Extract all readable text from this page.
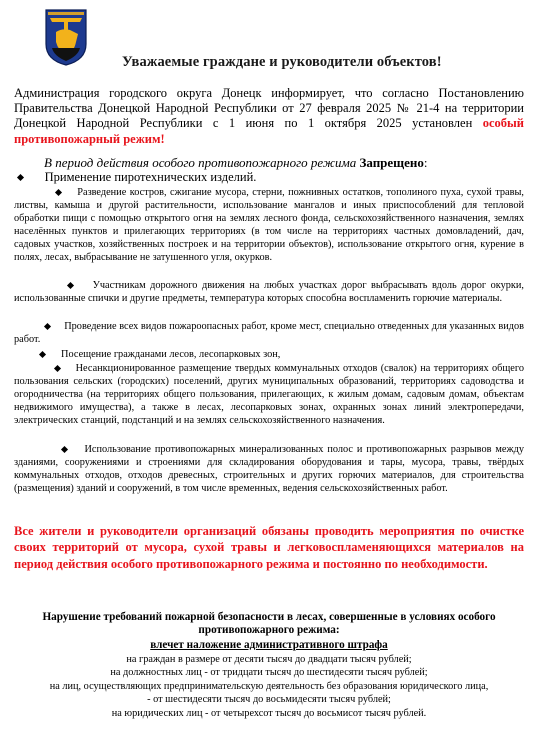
Уважаемые граждане и руководители объектов!
Администрация городского округа Донецк информирует, что согласно Постановлению Правительства Донецкой Народной Республики от 27 февраля 2025 № 21-4 на территории Донецкой Народной Республики с 1 июня по 1 октября 2025 установлен особый противопожарный режим!
В период действия особого противопожарного режима Запрещено:
Применение пиротехнических изделий.
Разведение костров, сжигание мусора, стерни, пожнивных остатков, тополиного пуха, сухой травы, листвы, камыша и другой растительности, использование мангалов и иных приспособлений для тепловой обработки пищи с помощью открытого огня на землях лесного фонда, сельскохозяйственного назначения, землях населённых пунктов и прилегающих территориях (в том числе на территориях частных домовладений, дач, садовых участков, хозяйственных построек и на территории объектов), использование открытого огня, курение в полях, лесах, выбрасывание не затушенного угля, окурков.
Участникам дорожного движения на любых участках дорог выбрасывать вдоль дорог окурки, использованные спички и другие предметы, температура которых способна воспламенить горючие материалы.
Проведение всех видов пожароопасных работ, кроме мест, специально отведенных для указанных видов работ.
Посещение гражданами лесов, лесопарковых зон,
Несанкционированное размещение твердых коммунальных отходов (свалок) на территориях общего пользования сельских (городских) поселений, других муниципальных образований, территориях садоводства и огородничества (на территориях общего пользования, прилегающих, к жилым домам, садовым домам, объектам недвижимого имущества), а также в лесах, лесопарковых зонах, охранных зонах линий электропередачи, электрических станций, подстанций и на землях сельскохозяйственного назначения.
Использование противопожарных минерализованных полос и противопожарных разрывов между зданиями, сооружениями и строениями для складирования оборудования и тары, мусора, травы, твёрдых коммунальных отходов, отходов древесных, строительных и других горючих материалов, для строительства (размещения) зданий и сооружений, в том числе временных, ведения сельскохозяйственных работ.
Все жители и руководители организаций обязаны проводить мероприятия по очистке своих территорий от мусора, сухой травы и легковоспламеняющихся материалов на период действия особого противопожарного режима и постоянно по необходимости.
Нарушение требований пожарной безопасности в лесах, совершенные в условиях особого противопожарного режима:
влечет наложение административного штрафа
на граждан в размере от десяти тысяч до двадцати тысяч рублей;
на должностных лиц - от тридцати тысяч до шестидесяти тысяч рублей;
на лиц, осуществляющих предпринимательскую деятельность без образования юридического лица,
- от шестидесяти тысяч до восьмидесяти тысяч рублей;
на юридических лиц - от четырехсот тысяч до восьмисот тысяч рублей.
